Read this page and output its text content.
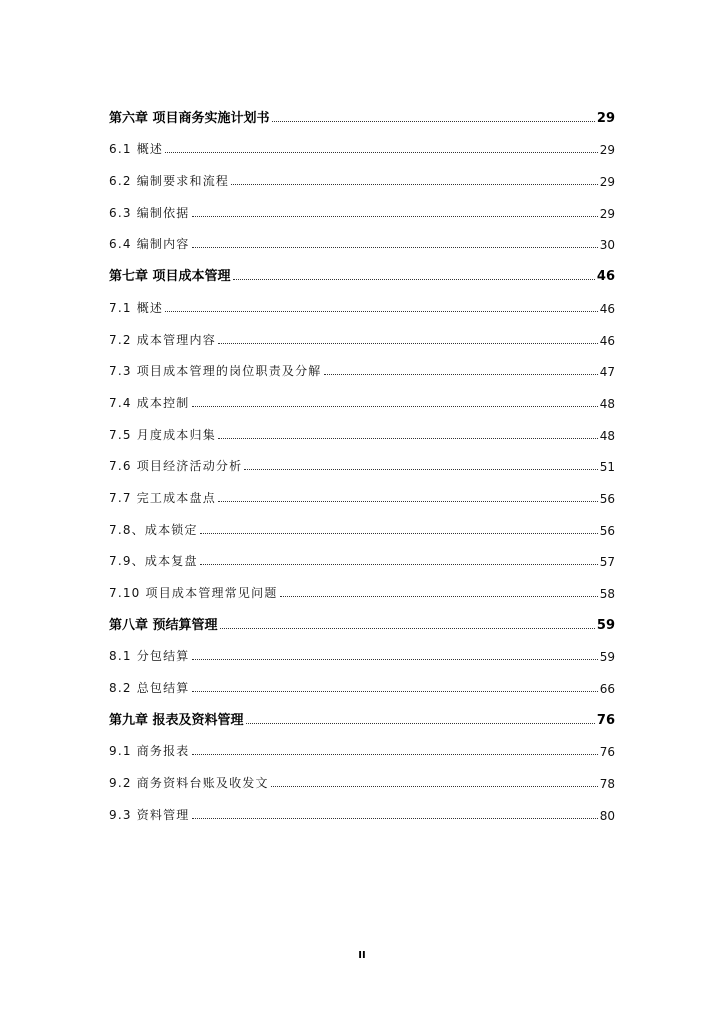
第六章 项目商务实施计划书	29
6.1 概述	29
6.2 编制要求和流程	29
6.3 编制依据	29
6.4 编制内容	30
第七章 项目成本管理	46
7.1 概述	46
7.2 成本管理内容	46
7.3 项目成本管理的岗位职责及分解	47
7.4 成本控制	48
7.5 月度成本归集	48
7.6 项目经济活动分析	51
7.7 完工成本盘点	56
7.8、成本锁定	56
7.9、成本复盘	57
7.10 项目成本管理常见问题	58
第八章 预结算管理	59
8.1 分包结算	59
8.2 总包结算	66
第九章 报表及资料管理	76
9.1 商务报表	76
9.2 商务资料台账及收发文	78
9.3 资料管理	80
II
